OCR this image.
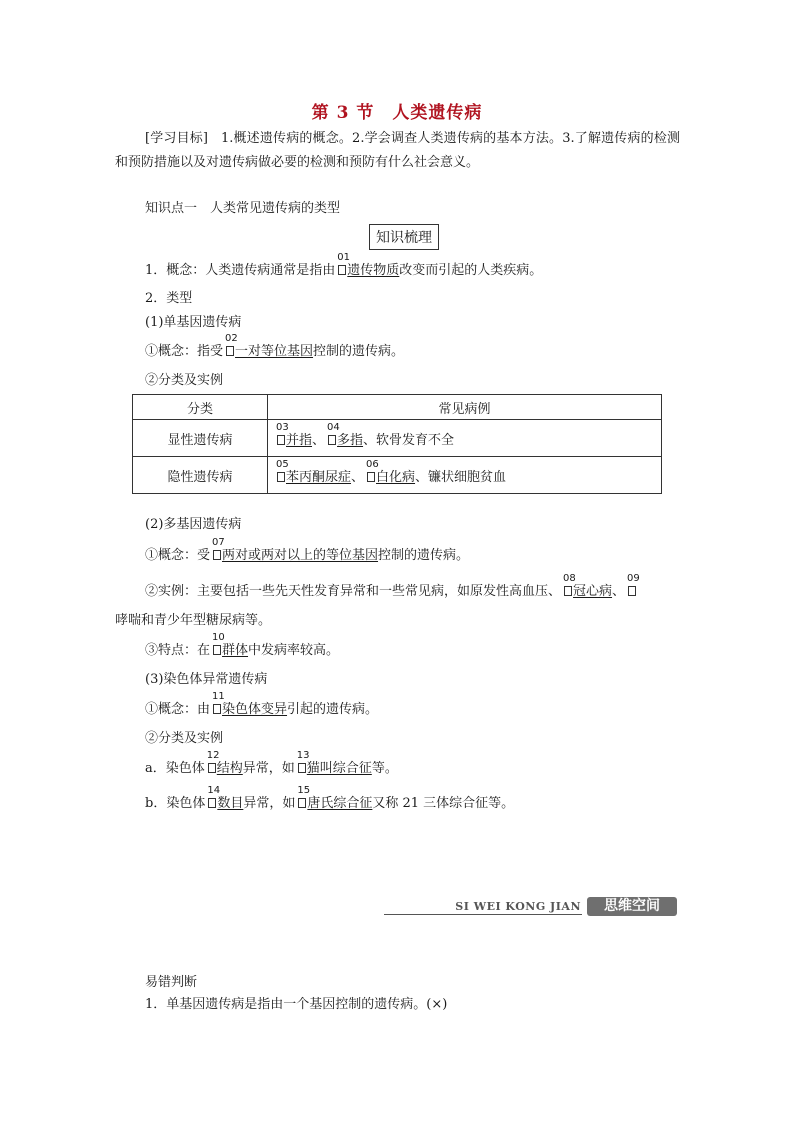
第 3 节　人类遗传病
[学习目标] 1.概述遗传病的概念。2.学会调查人类遗传病的基本方法。3.了解遗传病的检测和预防措施以及对遗传病做必要的检测和预防有什么社会意义。
知识点一　人类常见遗传病的类型
知识梳理
1．概念：人类遗传病通常是指由
01
遗传物质改变而引起的人类疾病。
2．类型
(1)单基因遗传病
①概念：指受
02
一对等位基因控制的遗传病。
②分类及实例
分类	常见病例
显性遗传病	03
并指、
04
多指、软骨发育不全
隐性遗传病	05
苯丙酮尿症、
06
白化病、镰状细胞贫血
(2)多基因遗传病
①概念：受
07
两对或两对以上的等位基因控制的遗传病。
②实例：主要包括一些先天性发育异常和一些常见病，如原发性高血压、
08
冠心病、
09
哮喘和青少年型糖尿病等。
③特点：在
10
群体中发病率较高。
(3)染色体异常遗传病
①概念：由
11
染色体变异引起的遗传病。
②分类及实例
a．染色体
12
结构异常，如
13
猫叫综合征等。
b．染色体
14
数目异常，如
15
唐氏综合征又称 21 三体综合征等。
SI WEI KONG JIAN	思维空间
易错判断
1．单基因遗传病是指由一个基因控制的遗传病。(×)
